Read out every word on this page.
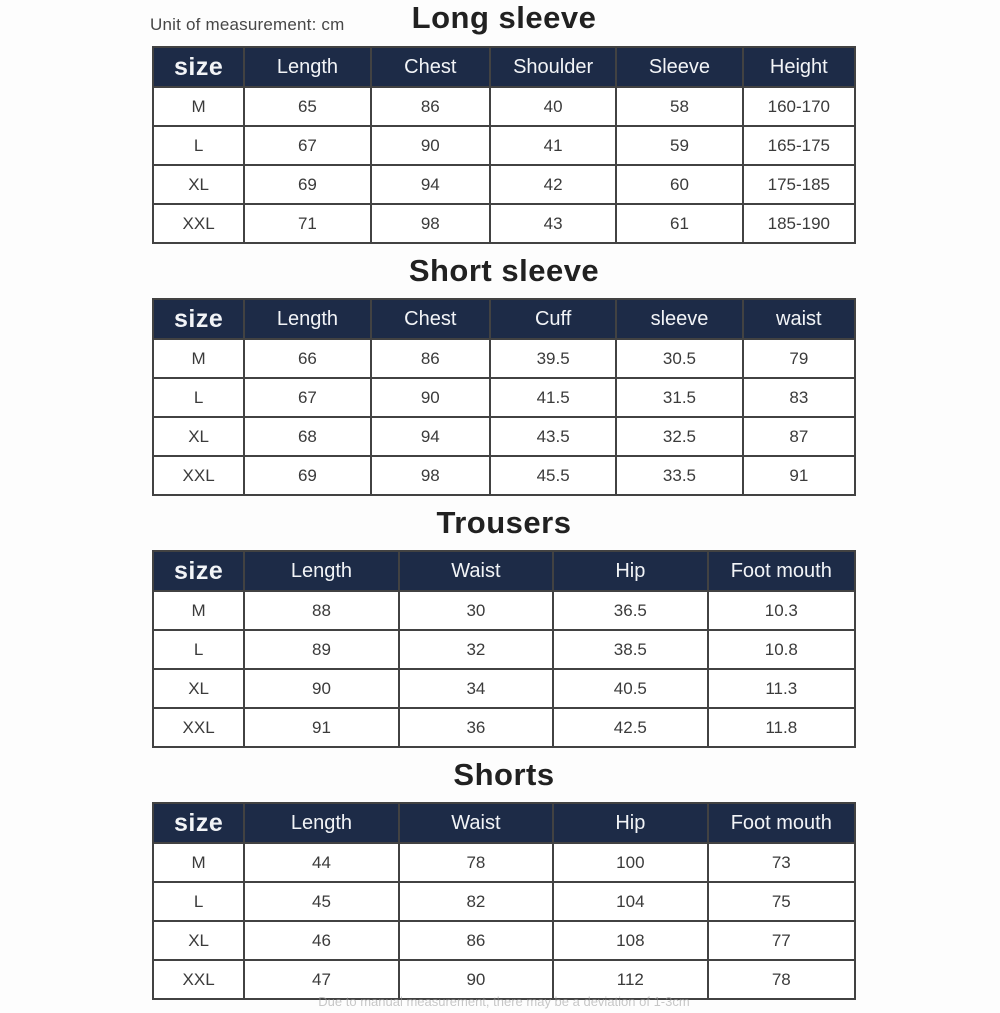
Long sleeve
Unit of measurement: cm
size	Length	Chest	Shoulder	Sleeve	Height
M	65	86	40	58	160-170
L	67	90	41	59	165-175
XL	69	94	42	60	175-185
XXL	71	98	43	61	185-190
Short sleeve
size	Length	Chest	Cuff	sleeve	waist
M	66	86	39.5	30.5	79
L	67	90	41.5	31.5	83
XL	68	94	43.5	32.5	87
XXL	69	98	45.5	33.5	91
Trousers
size	Length	Waist	Hip	Foot mouth
M	88	30	36.5	10.3
L	89	32	38.5	10.8
XL	90	34	40.5	11.3
XXL	91	36	42.5	11.8
Shorts
size	Length	Waist	Hip	Foot mouth
M	44	78	100	73
L	45	82	104	75
XL	46	86	108	77
XXL	47	90	112	78
Due to manual measurement, there may be a deviation of 1-3cm
